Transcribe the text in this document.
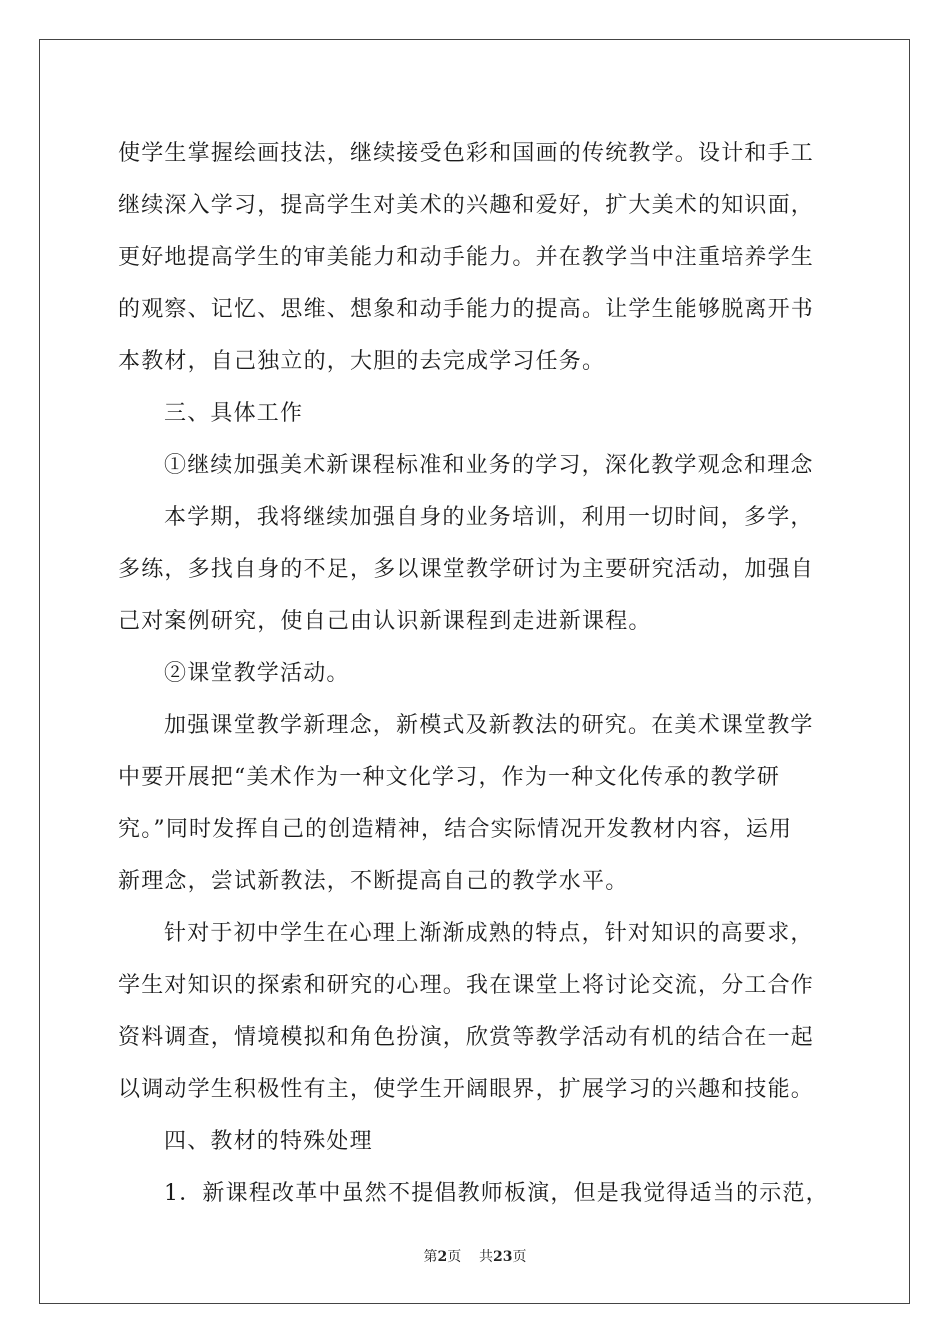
使学生掌握绘画技法，继续接受色彩和国画的传统教学。设计和手工
继续深入学习，提高学生对美术的兴趣和爱好，扩大美术的知识面，
更好地提高学生的审美能力和动手能力。并在教学当中注重培养学生
的观察、记忆、思维、想象和动手能力的提高。让学生能够脱离开书
本教材，自己独立的，大胆的去完成学习任务。
三、具体工作
①继续加强美术新课程标准和业务的学习，深化教学观念和理念
本学期，我将继续加强自身的业务培训，利用一切时间，多学，
多练，多找自身的不足，多以课堂教学研讨为主要研究活动，加强自
己对案例研究，使自己由认识新课程到走进新课程。
②课堂教学活动。
加强课堂教学新理念，新模式及新教法的研究。在美术课堂教学
中要开展把“美术作为一种文化学习，作为一种文化传承的教学研
究。”同时发挥自己的创造精神，结合实际情况开发教材内容，运用
新理念，尝试新教法，不断提高自己的教学水平。
针对于初中学生在心理上渐渐成熟的特点，针对知识的高要求，
学生对知识的探索和研究的心理。我在课堂上将讨论交流，分工合作
资料调查，情境模拟和角色扮演，欣赏等教学活动有机的结合在一起
以调动学生积极性有主，使学生开阔眼界，扩展学习的兴趣和技能。
四、教材的特殊处理
1．新课程改革中虽然不提倡教师板演，但是我觉得适当的示范，
第2页 共23页
